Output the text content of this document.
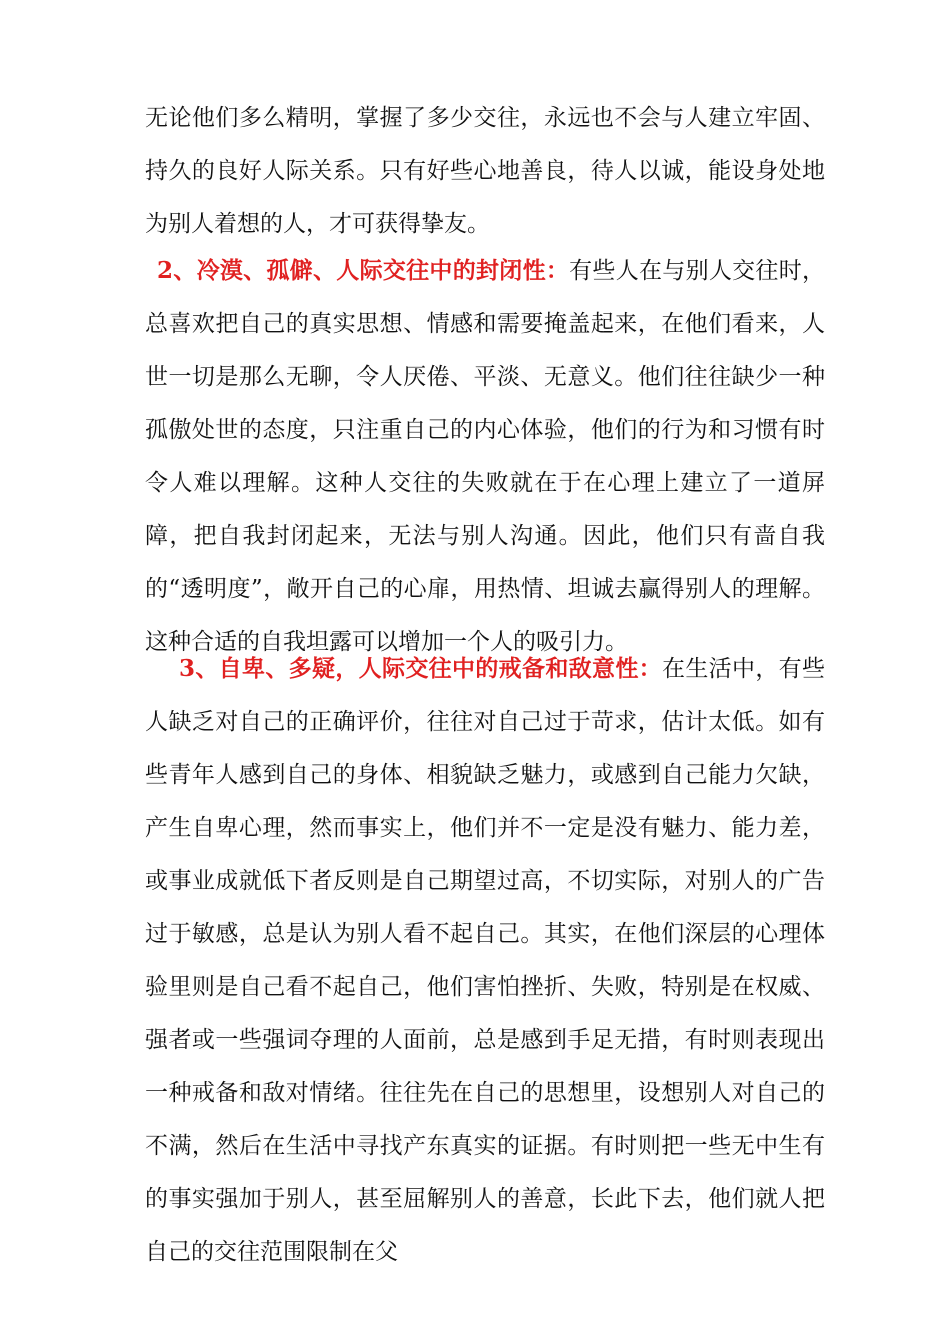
无论他们多么精明，掌握了多少交往，永远也不会与人建立牢固、持久的良好人际关系。只有好些心地善良，待人以诚，能设身处地为别人着想的人，才可获得挚友。

2、冷漠、孤僻、人际交往中的封闭性：有些人在与别人交往时，总喜欢把自己的真实思想、情感和需要掩盖起来，在他们看来，人世一切是那么无聊，令人厌倦、平淡、无意义。他们往往缺少一种孤傲处世的态度，只注重自己的内心体验，他们的行为和习惯有时令人难以理解。这种人交往的失败就在于在心理上建立了一道屏障，把自我封闭起来，无法与别人沟通。因此，他们只有啬自我的“透明度”，敞开自己的心扉，用热情、坦诚去赢得别人的理解。这种合适的自我坦露可以增加一个人的吸引力。

3、自卑、多疑，人际交往中的戒备和敌意性：在生活中，有些人缺乏对自己的正确评价，往往对自己过于苛求，估计太低。如有些青年人感到自己的身体、相貌缺乏魅力，或感到自己能力欠缺，产生自卑心理，然而事实上，他们并不一定是没有魅力、能力差，或事业成就低下者反则是自己期望过高，不切实际，对别人的广告过于敏感，总是认为别人看不起自己。其实，在他们深层的心理体验里则是自己看不起自己，他们害怕挫折、失败，特别是在权威、强者或一些强词夺理的人面前，总是感到手足无措，有时则表现出一种戒备和敌对情绪。往往先在自己的思想里，设想别人对自己的不满，然后在生活中寻找产东真实的证据。有时则把一些无中生有的事实强加于别人，甚至屈解别人的善意，长此下去，他们就人把自己的交往范围限制在父
